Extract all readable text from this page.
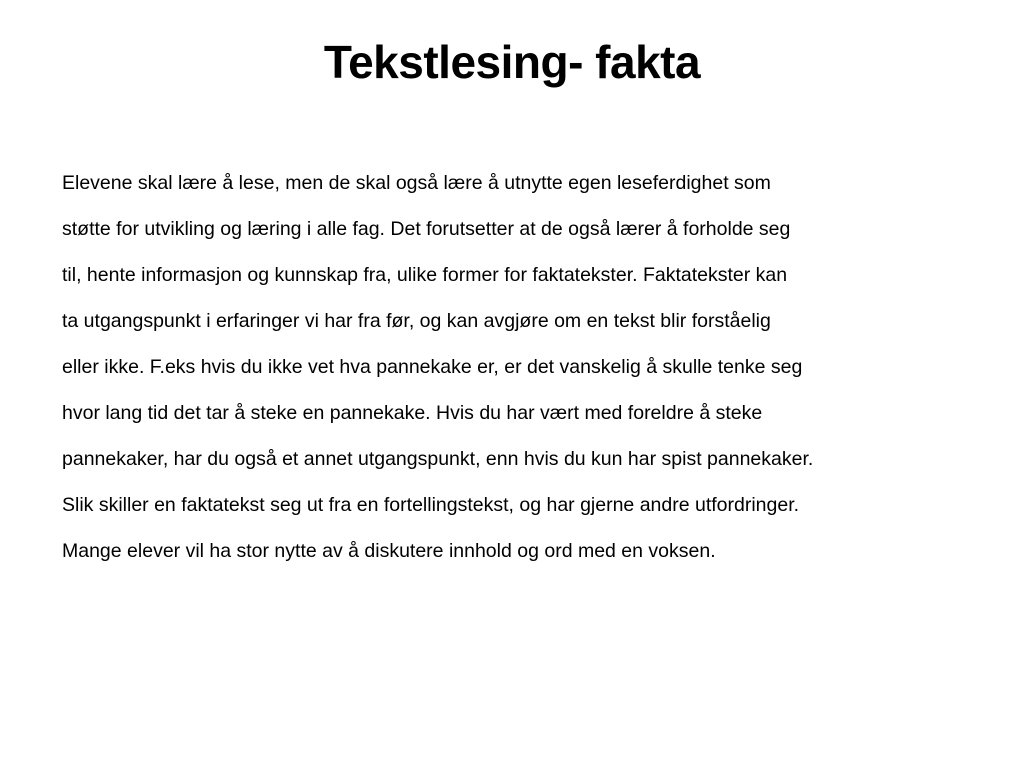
Tekstlesing- fakta
Elevene skal lære å lese, men de skal også lære å utnytte egen leseferdighet som
støtte for utvikling og læring i alle fag. Det forutsetter at de også lærer å forholde seg
til, hente informasjon og kunnskap fra, ulike former for faktatekster. Faktatekster kan
ta utgangspunkt i erfaringer vi har fra før, og kan avgjøre om en tekst blir forståelig
eller ikke. F.eks hvis du ikke vet hva pannekake er, er det vanskelig å skulle tenke seg
hvor lang tid det tar å steke en pannekake. Hvis du har vært med foreldre å steke
pannekaker, har du også et annet utgangspunkt, enn hvis du kun har spist pannekaker.
Slik skiller en faktatekst seg ut fra en fortellingstekst, og har gjerne andre utfordringer.
Mange elever vil ha stor nytte av å diskutere innhold og ord med en voksen.
